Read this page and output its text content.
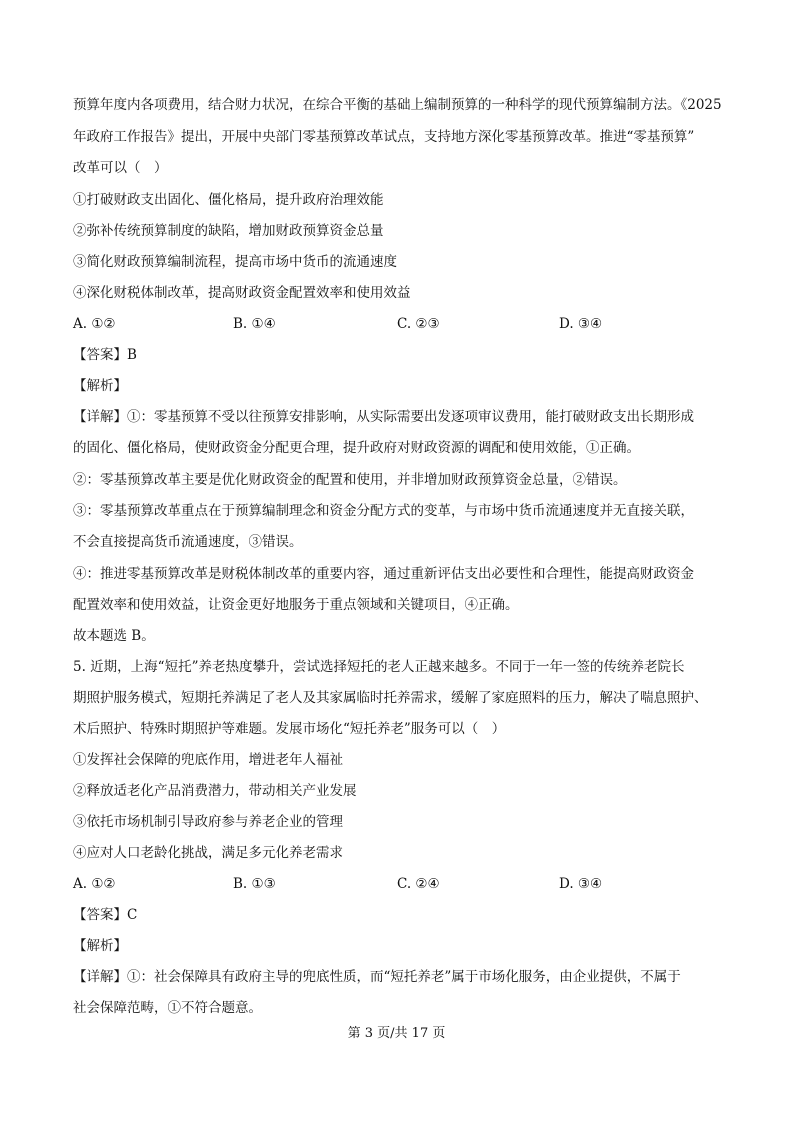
预算年度内各项费用，结合财力状况，在综合平衡的基础上编制预算的一种科学的现代预算编制方法。《2025
年政府工作报告》提出，开展中央部门零基预算改革试点，支持地方深化零基预算改革。推进“零基预算”
改革可以（　）
①打破财政支出固化、僵化格局，提升政府治理效能
②弥补传统预算制度的缺陷，增加财政预算资金总量
③简化财政预算编制流程，提高市场中货币的流通速度
④深化财税体制改革，提高财政资金配置效率和使用效益
A. ①②	B. ①④	C. ②③	D. ③④
【答案】B
【解析】
【详解】①：零基预算不受以往预算安排影响，从实际需要出发逐项审议费用，能打破财政支出长期形成
的固化、僵化格局，使财政资金分配更合理，提升政府对财政资源的调配和使用效能，①正确。
②：零基预算改革主要是优化财政资金的配置和使用，并非增加财政预算资金总量，②错误。
③：零基预算改革重点在于预算编制理念和资金分配方式的变革，与市场中货币流通速度并无直接关联，
不会直接提高货币流通速度，③错误。
④：推进零基预算改革是财税体制改革的重要内容，通过重新评估支出必要性和合理性，能提高财政资金
配置效率和使用效益，让资金更好地服务于重点领域和关键项目，④正确。
故本题选 B。
5. 近期，上海“短托”养老热度攀升，尝试选择短托的老人正越来越多。不同于一年一签的传统养老院长
期照护服务模式，短期托养满足了老人及其家属临时托养需求，缓解了家庭照料的压力，解决了喘息照护、
术后照护、特殊时期照护等难题。发展市场化“短托养老”服务可以（　）
①发挥社会保障的兜底作用，增进老年人福祉
②释放适老化产品消费潜力，带动相关产业发展
③依托市场机制引导政府参与养老企业的管理
④应对人口老龄化挑战，满足多元化养老需求
A. ①②	B. ①③	C. ②④	D. ③④
【答案】C
【解析】
【详解】①：社会保障具有政府主导的兜底性质，而“短托养老”属于市场化服务，由企业提供，不属于
社会保障范畴，①不符合题意。
第 3 页/共 17 页
